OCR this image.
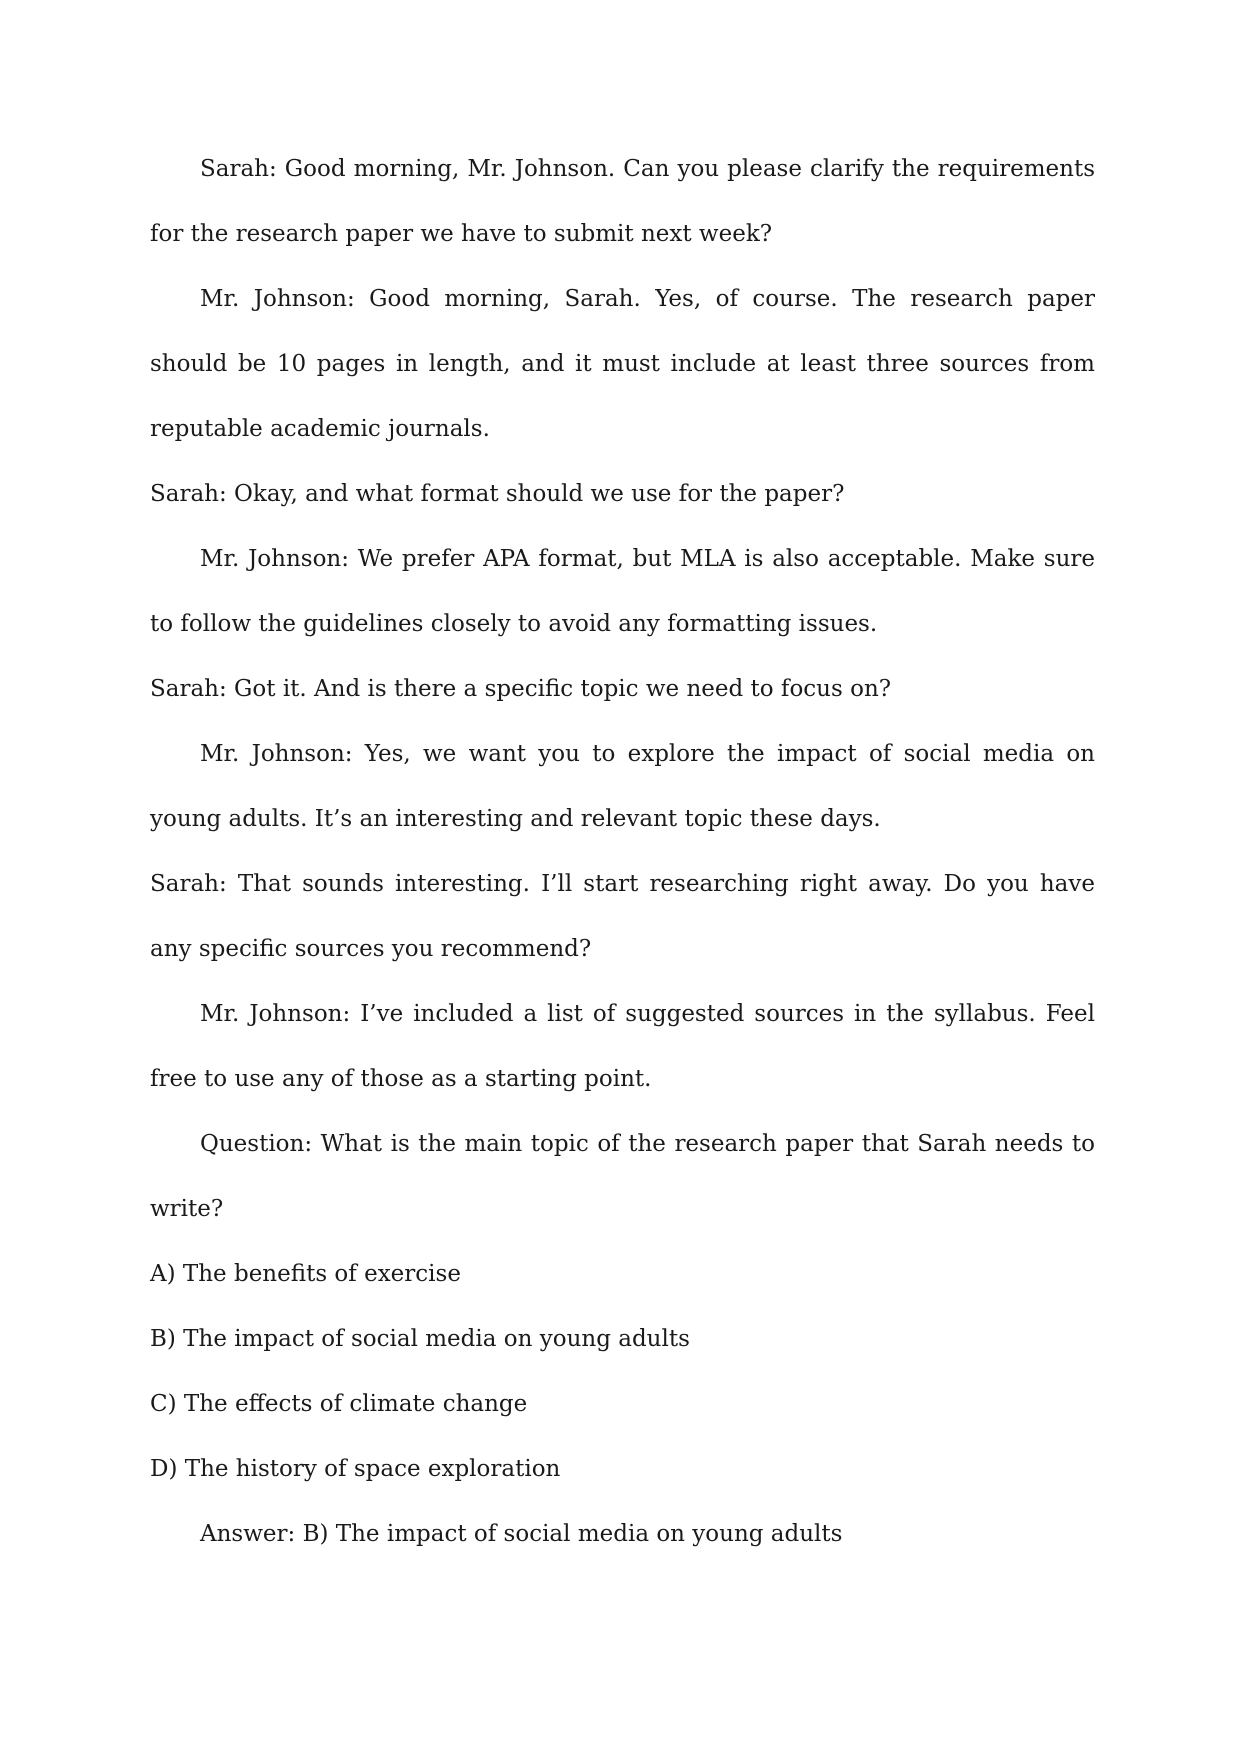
Sarah: Good morning, Mr. Johnson. Can you please clarify the requirements for the research paper we have to submit next week?

Mr. Johnson: Good morning, Sarah. Yes, of course. The research paper should be 10 pages in length, and it must include at least three sources from reputable academic journals.

Sarah: Okay, and what format should we use for the paper?

Mr. Johnson: We prefer APA format, but MLA is also acceptable. Make sure to follow the guidelines closely to avoid any formatting issues.

Sarah: Got it. And is there a specific topic we need to focus on?

Mr. Johnson: Yes, we want you to explore the impact of social media on young adults. It’s an interesting and relevant topic these days.

Sarah: That sounds interesting. I’ll start researching right away. Do you have any specific sources you recommend?

Mr. Johnson: I’ve included a list of suggested sources in the syllabus. Feel free to use any of those as a starting point.

Question: What is the main topic of the research paper that Sarah needs to write?

A) The benefits of exercise

B) The impact of social media on young adults

C) The effects of climate change

D) The history of space exploration

Answer: B) The impact of social media on young adults
